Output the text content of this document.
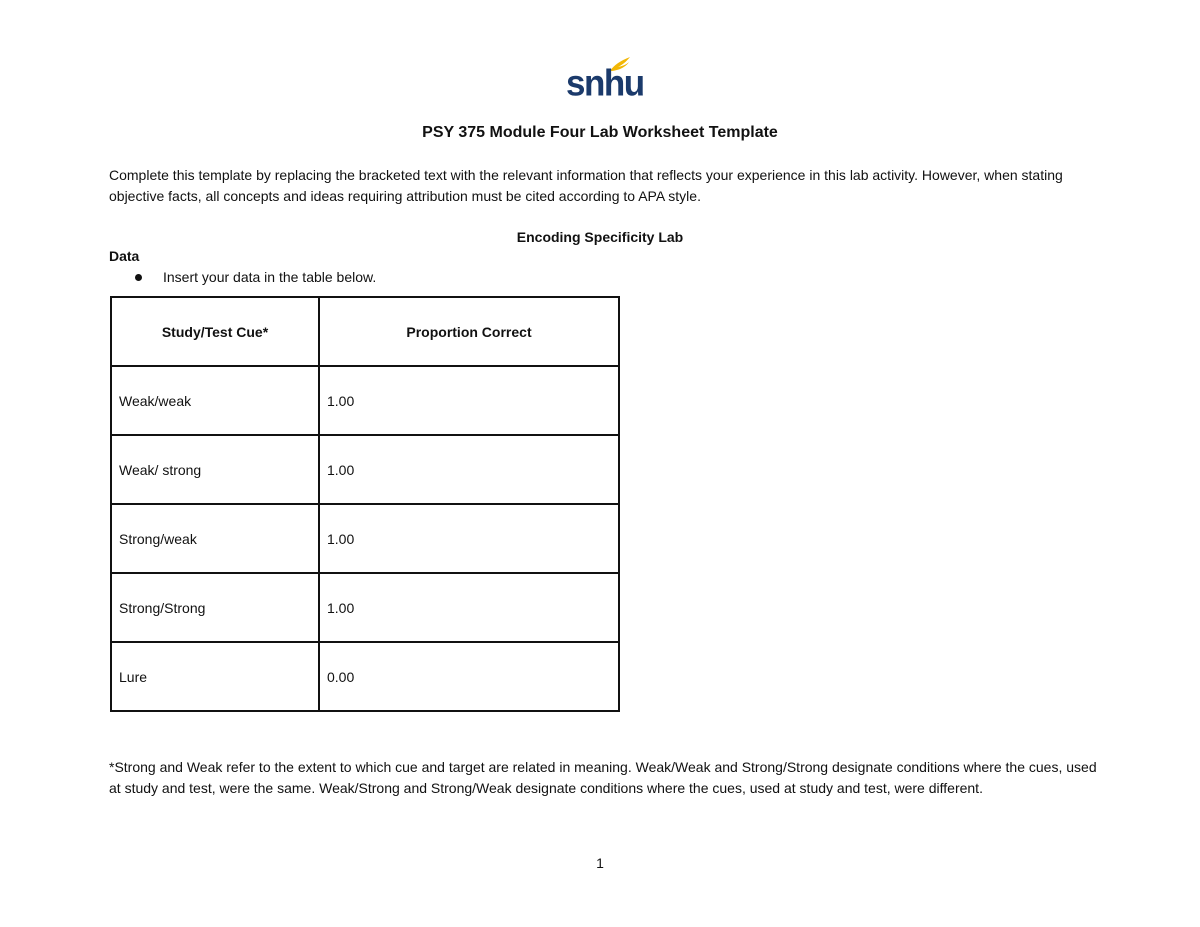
snhu
PSY 375 Module Four Lab Worksheet Template
Complete this template by replacing the bracketed text with the relevant information that reflects your experience in this lab activity. However, when stating objective facts, all concepts and ideas requiring attribution must be cited according to APA style.
Encoding Specificity Lab
Data
Insert your data in the table below.
Study/Test Cue*	Proportion Correct
Weak/weak	1.00
Weak/ strong	1.00
Strong/weak	1.00
Strong/Strong	1.00
Lure	0.00
*Strong and Weak refer to the extent to which cue and target are related in meaning. Weak/Weak and Strong/Strong designate conditions where the cues, used at study and test, were the same. Weak/Strong and Strong/Weak designate conditions where the cues, used at study and test, were different.
1
